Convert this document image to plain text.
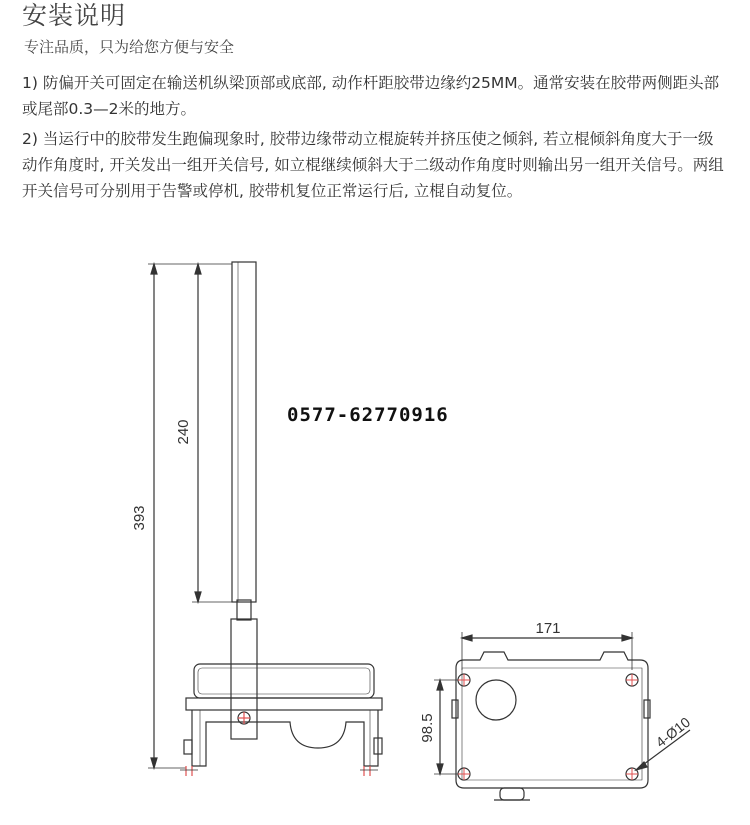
安装说明
专注品质，只为给您方便与安全
1) 防偏开关可固定在输送机纵梁顶部或底部, 动作杆距胶带边缘约25MM。通常安装在胶带两侧距头部或尾部0.3—2米的地方。
2) 当运行中的胶带发生跑偏现象时, 胶带边缘带动立棍旋转并挤压使之倾斜, 若立棍倾斜角度大于一级动作角度时, 开关发出一组开关信号, 如立棍继续倾斜大于二级动作角度时则输出另一组开关信号。两组开关信号可分别用于告警或停机, 胶带机复位正常运行后, 立棍自动复位。
393
240
171
98.5	4-Ø10
0577-62770916
